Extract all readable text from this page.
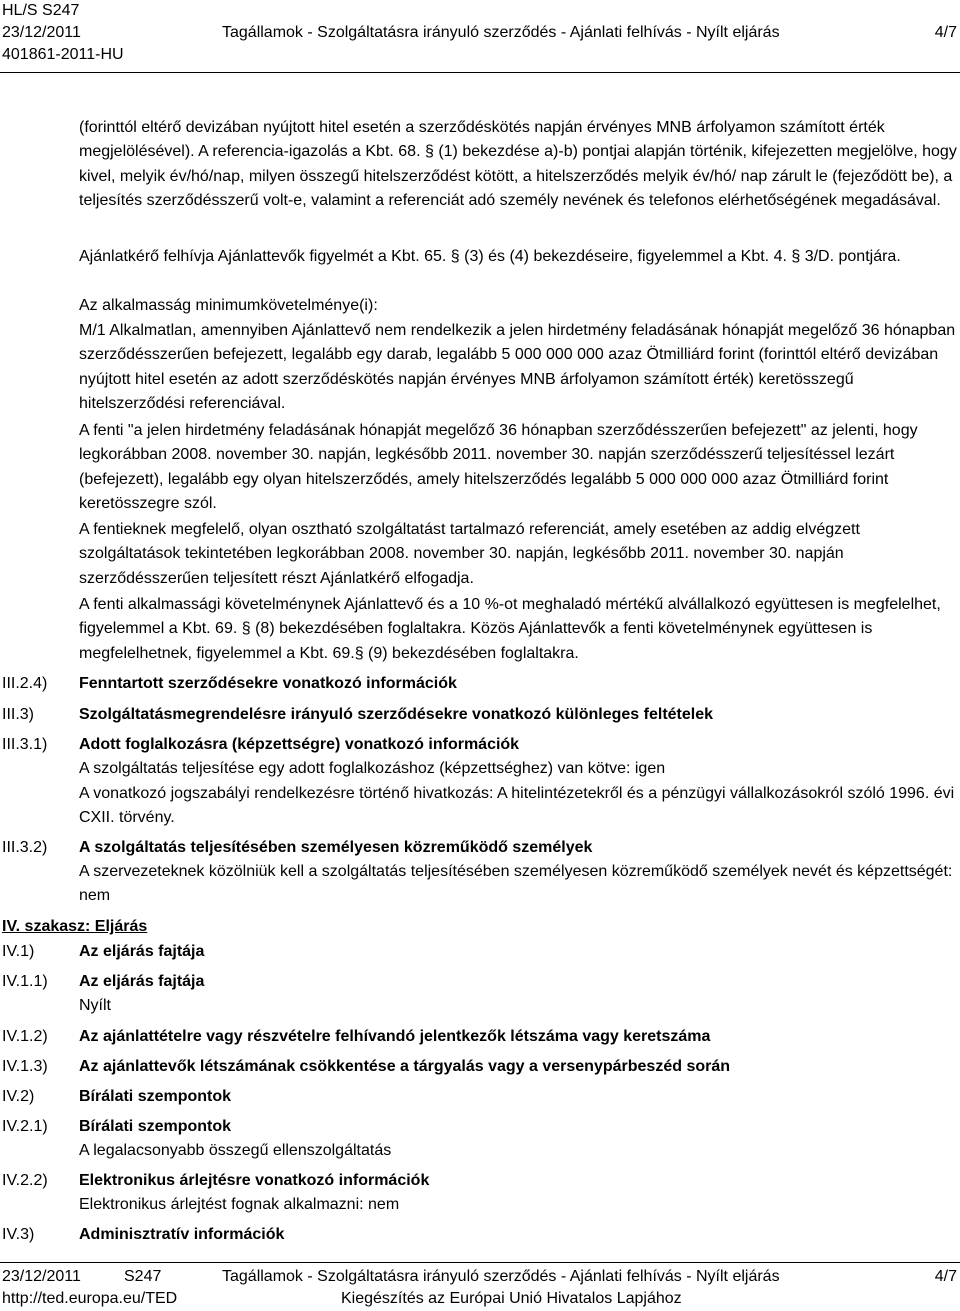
HL/S S247
23/12/2011
401861-2011-HU
Tagállamok - Szolgáltatásra irányuló szerződés - Ajánlati felhívás - Nyílt eljárás	4/7
(forinttól eltérő devizában nyújtott hitel esetén a szerződéskötés napján érvényes MNB árfolyamon számított érték megjelölésével). A referencia-igazolás a Kbt. 68. § (1) bekezdése a)-b) pontjai alapján történik, kifejezetten megjelölve, hogy kivel, melyik év/hó/nap, milyen összegű hitelszerződést kötött, a hitelszerződés melyik év/hó/ nap zárult le (fejeződött be), a teljesítés szerződésszerű volt-e, valamint a referenciát adó személy nevének és telefonos elérhetőségének megadásával.
Ajánlatkérő felhívja Ajánlattevők figyelmét a Kbt. 65. § (3) és (4) bekezdéseire, figyelemmel a Kbt. 4. § 3/D. pontjára.
Az alkalmasság minimumkövetelménye(i):
M/1 Alkalmatlan, amennyiben Ajánlattevő nem rendelkezik a jelen hirdetmény feladásának hónapját megelőző 36 hónapban szerződésszerűen befejezett, legalább egy darab, legalább 5 000 000 000 azaz Ötmilliárd forint (forinttól eltérő devizában nyújtott hitel esetén az adott szerződéskötés napján érvényes MNB árfolyamon számított érték) keretösszegű hitelszerződési referenciával.
A fenti "a jelen hirdetmény feladásának hónapját megelőző 36 hónapban szerződésszerűen befejezett" az jelenti, hogy legkorábban 2008. november 30. napján, legkésőbb 2011. november 30. napján szerződésszerű teljesítéssel lezárt (befejezett), legalább egy olyan hitelszerződés, amely hitelszerződés legalább 5 000 000 000 azaz Ötmilliárd forint keretösszegre szól.
A fentieknek megfelelő, olyan osztható szolgáltatást tartalmazó referenciát, amely esetében az addig elvégzett szolgáltatások tekintetében legkorábban 2008. november 30. napján, legkésőbb 2011. november 30. napján szerződésszerűen teljesített részt Ajánlatkérő elfogadja.
A fenti alkalmassági követelménynek Ajánlattevő és a 10 %-ot meghaladó mértékű alvállalkozó együttesen is megfelelhet, figyelemmel a Kbt. 69. § (8) bekezdésében foglaltakra. Közös Ajánlattevők a fenti követelménynek együttesen is megfelelhetnek, figyelemmel a Kbt. 69.§ (9) bekezdésében foglaltakra.
III.2.4) Fenntartott szerződésekre vonatkozó információk
III.3)	Szolgáltatásmegrendelésre irányuló szerződésekre vonatkozó különleges feltételek
III.3.1) Adott foglalkozásra (képzettségre) vonatkozó információk
A szolgáltatás teljesítése egy adott foglalkozáshoz (képzettséghez) van kötve: igen
A vonatkozó jogszabályi rendelkezésre történő hivatkozás: A hitelintézetekről és a pénzügyi vállalkozásokról szóló 1996. évi CXII. törvény.
III.3.2) A szolgáltatás teljesítésében személyesen közreműködő személyek
A szervezeteknek közölniük kell a szolgáltatás teljesítésében személyesen közreműködő személyek nevét és képzettségét: nem
IV. szakasz: Eljárás
IV.1)	Az eljárás fajtája
IV.1.1) Az eljárás fajtája
Nyílt
IV.1.2) Az ajánlattételre vagy részvételre felhívandó jelentkezők létszáma vagy keretszáma
IV.1.3) Az ajánlattevők létszámának csökkentése a tárgyalás vagy a versenypárbeszéd során
IV.2)	Bírálati szempontok
IV.2.1) Bírálati szempontok
A legalacsonyabb összegű ellenszolgáltatás
IV.2.2) Elektronikus árlejtésre vonatkozó információk
Elektronikus árlejtést fognak alkalmazni: nem
IV.3)	Adminisztratív információk
23/12/2011	S247	Tagállamok - Szolgáltatásra irányuló szerződés - Ajánlati felhívás - Nyílt eljárás	4/7
http://ted.europa.eu/TED	Kiegészítés az Európai Unió Hivatalos Lapjához
